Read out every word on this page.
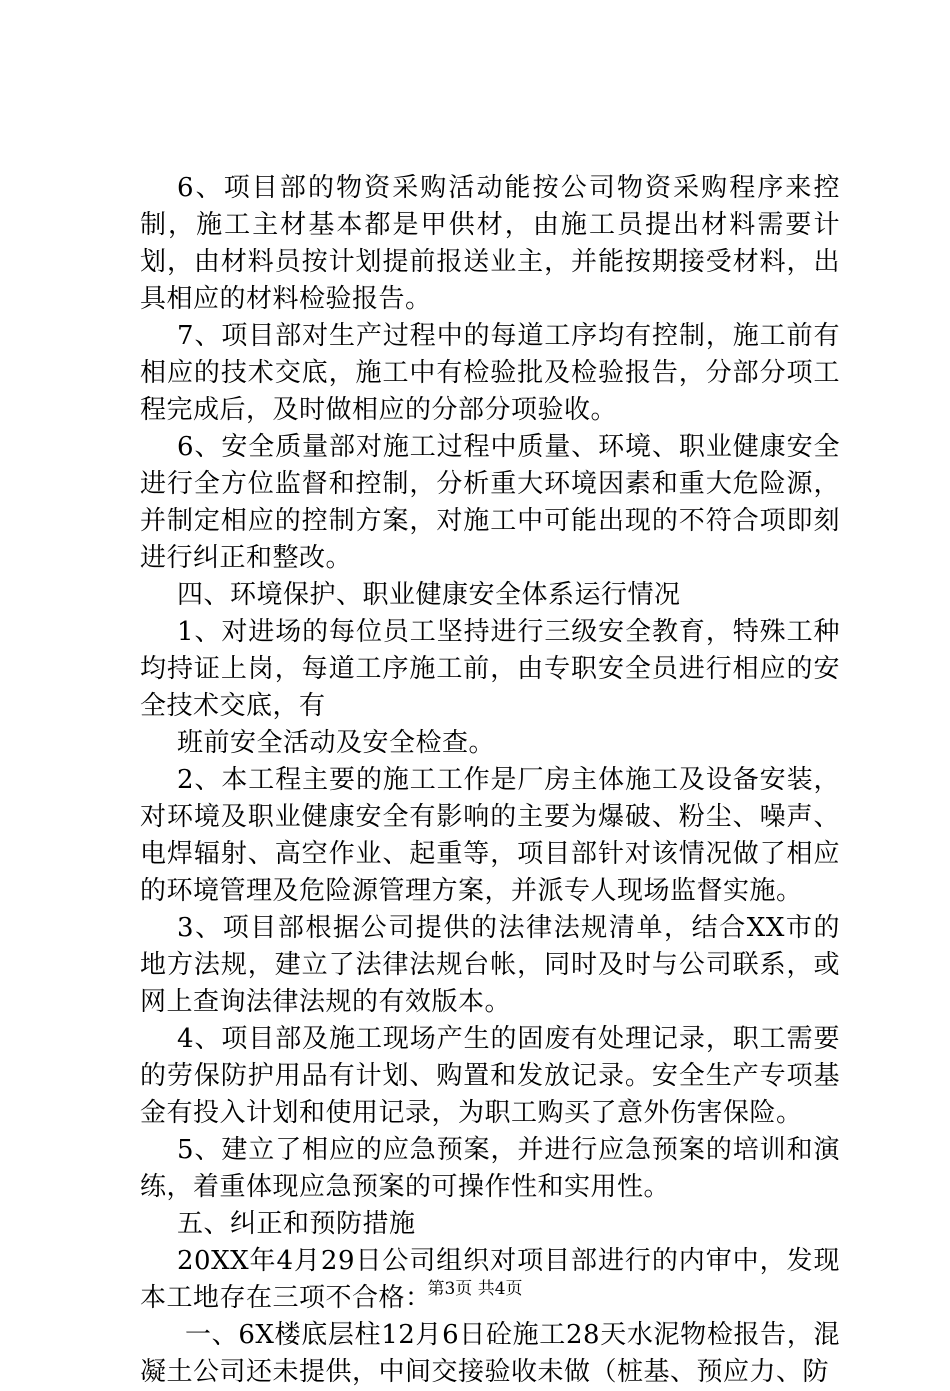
6、项目部的物资采购活动能按公司物资采购程序来控制，施工主材基本都是甲供材，由施工员提出材料需要计划，由材料员按计划提前报送业主，并能按期接受材料，出具相应的材料检验报告。

7、项目部对生产过程中的每道工序均有控制，施工前有相应的技术交底，施工中有检验批及检验报告，分部分项工程完成后，及时做相应的分部分项验收。

6、安全质量部对施工过程中质量、环境、职业健康安全进行全方位监督和控制，分析重大环境因素和重大危险源，并制定相应的控制方案，对施工中可能出现的不符合项即刻进行纠正和整改。

四、环境保护、职业健康安全体系运行情况

1、对进场的每位员工坚持进行三级安全教育，特殊工种均持证上岗，每道工序施工前，由专职安全员进行相应的安全技术交底，有

班前安全活动及安全检查。

2、本工程主要的施工工作是厂房主体施工及设备安装，对环境及职业健康安全有影响的主要为爆破、粉尘、噪声、电焊辐射、高空作业、起重等，项目部针对该情况做了相应的环境管理及危险源管理方案，并派专人现场监督实施。

3、项目部根据公司提供的法律法规清单，结合XX市的地方法规，建立了法律法规台帐，同时及时与公司联系，或网上查询法律法规的有效版本。

4、项目部及施工现场产生的固废有处理记录，职工需要的劳保防护用品有计划、购置和发放记录。安全生产专项基金有投入计划和使用记录，为职工购买了意外伤害保险。

5、建立了相应的应急预案，并进行应急预案的培训和演练，着重体现应急预案的可操作性和实用性。

五、纠正和预防措施

20XX年4月29日公司组织对项目部进行的内审中，发现本工地存在三项不合格：

一、6X楼底层柱12月6日砼施工28天水泥物检报告，混凝土公司还未提供，中间交接验收未做（桩基、预应力、防

第3页 共4页
